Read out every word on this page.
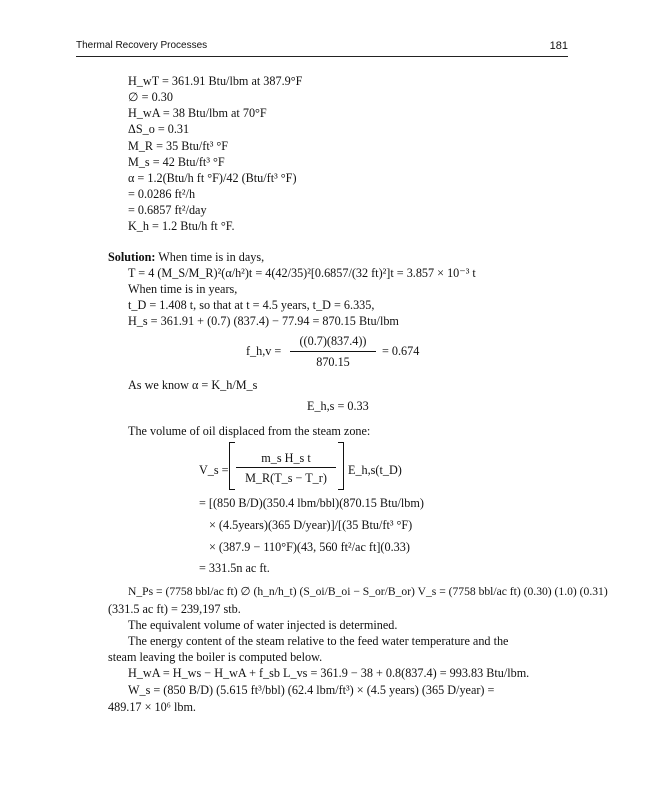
Thermal Recovery Processes	181
H_wT = 361.91 Btu/lbm at 387.9°F
∅ = 0.30
H_wA = 38 Btu/lbm at 70°F
ΔS_o = 0.31
M_R = 35 Btu/ft³ °F
M_s = 42 Btu/ft³ °F
α = 1.2(Btu/h ft °F)/42 (Btu/ft³ °F)
= 0.0286 ft²/h
= 0.6857 ft²/day
K_h = 1.2 Btu/h ft °F.
Solution: When time is in days,
T = 4 (M_S/M_R)²(α/h²)t = 4(42/35)²[0.6857/(32 ft)²]t = 3.857 × 10⁻³ t
When time is in years,
t_D = 1.408 t, so that at t = 4.5 years, t_D = 6.335,
H_s = 361.91 + (0.7) (837.4) − 77.94 = 870.15 Btu/lbm
f_h,v =
((0.7)(837.4))
870.15
= 0.674
As we know α = K_h/M_s
E_h,s = 0.33
The volume of oil displaced from the steam zone:
V_s =
m_s H_s t
M_R(T_s − T_r)
E_h,s(t_D)
= [(850 B/D)(350.4 lbm/bbl)(870.15 Btu/lbm)
× (4.5years)(365 D/year)]/[(35 Btu/ft³ °F)
× (387.9 − 110°F)(43, 560 ft²/ac ft](0.33)
= 331.5n ac ft.
N_Ps = (7758 bbl/ac ft) ∅ (h_n/h_t) (S_oi/B_oi − S_or/B_or) V_s = (7758 bbl/ac ft) (0.30) (1.0) (0.31)
(331.5 ac ft) = 239,197 stb.
The equivalent volume of water injected is determined.
The energy content of the steam relative to the feed water temperature and the
steam leaving the boiler is computed below.
H_wA = H_ws − H_wA + f_sb L_vs = 361.9 − 38 + 0.8(837.4) = 993.83 Btu/lbm.
W_s = (850 B/D) (5.615 ft³/bbl) (62.4 lbm/ft³) × (4.5 years) (365 D/year) =
489.17 × 10⁶ lbm.
